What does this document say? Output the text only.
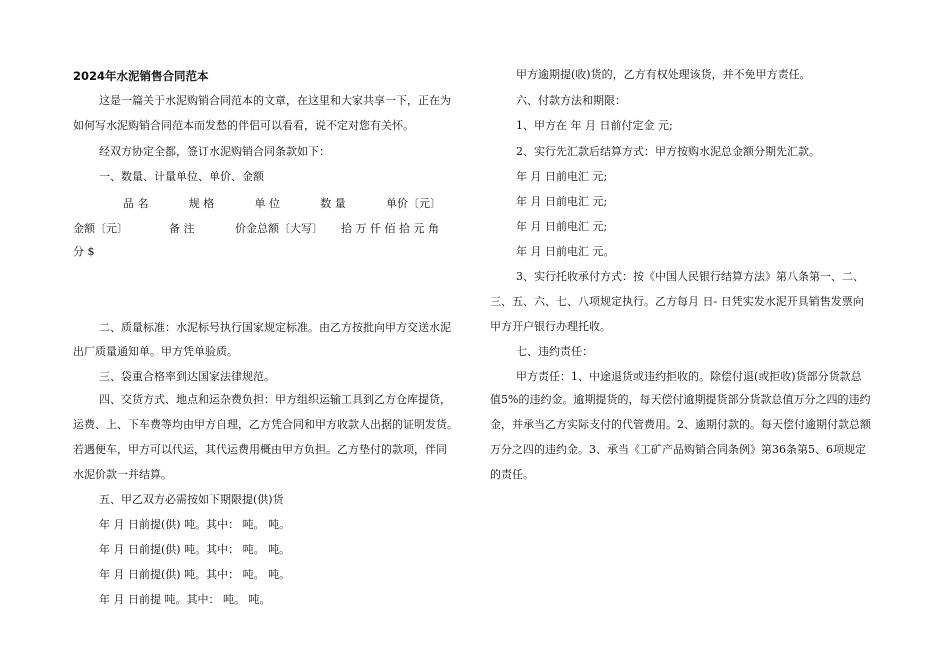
2024年水泥销售合同范本
这是一篇关于水泥购销合同范本的文章，在这里和大家共享一下，正在为
如何写水泥购销合同范本而发愁的伴侣可以看看，说不定对您有关怀。
经双方协定全都，签订水泥购销合同条款如下：
一、数量、计量单位、单价、金额
品 名	规 格	单 位	数 量	单价〔元〕
金额〔元〕	备 注	价金总额〔大写〕 拾 万 仟 佰 拾 元 角
分 $
二、质量标准：水泥标号执行国家规定标准。由乙方按批向甲方交送水泥
出厂质量通知单。甲方凭单验质。
三、袋重合格率到达国家法律规范。
四、交货方式、地点和运杂费负担：甲方组织运输工具到乙方仓库提货，
运费、上、下车费等均由甲方自理，乙方凭合同和甲方收款人出据的证明发货。
若遇便车，甲方可以代运，其代运费用概由甲方负担。乙方垫付的款项，伴同
水泥价款一并结算。
五、甲乙双方必需按如下期限提(供)货
年 月 日前提(供) 吨。其中： 吨。 吨。
年 月 日前提(供) 吨。其中： 吨。 吨。
年 月 日前提(供) 吨。其中： 吨。 吨。
年 月 日前提 吨。其中： 吨。 吨。
甲方逾期提(收)货的，乙方有权处理该货，并不免甲方责任。
六、付款方法和期限：
1、甲方在 年 月 日前付定金 元;
2、实行先汇款后结算方式：甲方按购水泥总金额分期先汇款。
年 月 日前电汇 元;
年 月 日前电汇 元;
年 月 日前电汇 元;
年 月 日前电汇 元。
3、实行托收承付方式：按《中国人民银行结算方法》第八条第一、二、
三、五、六、七、八项规定执行。乙方每月 日- 日凭实发水泥开具销售发票向
甲方开户银行办理托收。
七、违约责任：
甲方责任：1、中途退货或违约拒收的。除偿付退(或拒收)货部分货款总
值5%的违约金。逾期提货的，每天偿付逾期提货部分货款总值万分之四的违约
金，并承当乙方实际支付的代管费用。2、逾期付款的。每天偿付逾期付款总额
万分之四的违约金。3、承当《工矿产品购销合同条例》第36条第5、6项规定
的责任。
